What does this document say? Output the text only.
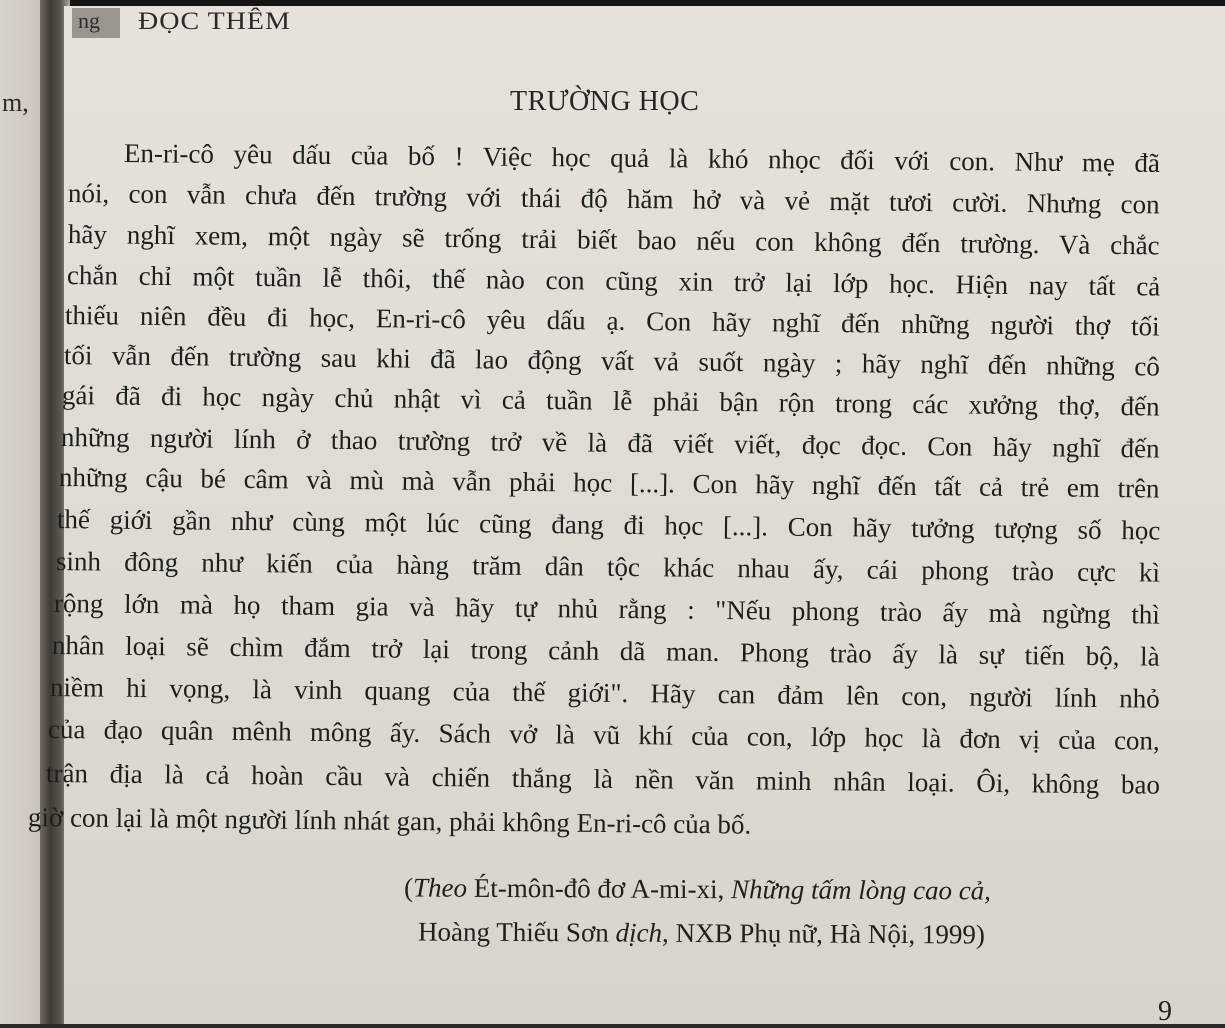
m,
ng ĐỌC THÊM
TRƯỜNG HỌC
En-ri-cô yêu dấu của bố ! Việc học quả là khó nhọc đối với con. Như mẹ đã
nói, con vẫn chưa đến trường với thái độ hăm hở và vẻ mặt tươi cười. Nhưng con
hãy nghĩ xem, một ngày sẽ trống trải biết bao nếu con không đến trường. Và chắc
chắn chỉ một tuần lễ thôi, thế nào con cũng xin trở lại lớp học. Hiện nay tất cả
thiếu niên đều đi học, En-ri-cô yêu dấu ạ. Con hãy nghĩ đến những người thợ tối
tối vẫn đến trường sau khi đã lao động vất vả suốt ngày ; hãy nghĩ đến những cô
gái đã đi học ngày chủ nhật vì cả tuần lễ phải bận rộn trong các xưởng thợ, đến
những người lính ở thao trường trở về là đã viết viết, đọc đọc. Con hãy nghĩ đến
những cậu bé câm và mù mà vẫn phải học [...]. Con hãy nghĩ đến tất cả trẻ em trên
thế giới gần như cùng một lúc cũng đang đi học [...]. Con hãy tưởng tượng số học
sinh đông như kiến của hàng trăm dân tộc khác nhau ấy, cái phong trào cực kì
rộng lớn mà họ tham gia và hãy tự nhủ rằng : "Nếu phong trào ấy mà ngừng thì
nhân loại sẽ chìm đắm trở lại trong cảnh dã man. Phong trào ấy là sự tiến bộ, là
niềm hi vọng, là vinh quang của thế giới". Hãy can đảm lên con, người lính nhỏ
của đạo quân mênh mông ấy. Sách vở là vũ khí của con, lớp học là đơn vị của con,
trận địa là cả hoàn cầu và chiến thắng là nền văn minh nhân loại. Ôi, không bao
giờ con lại là một người lính nhát gan, phải không En-ri-cô của bố.
(Theo Ét-môn-đô đơ A-mi-xi, Những tấm lòng cao cả,
Hoàng Thiếu Sơn dịch, NXB Phụ nữ, Hà Nội, 1999)
9
